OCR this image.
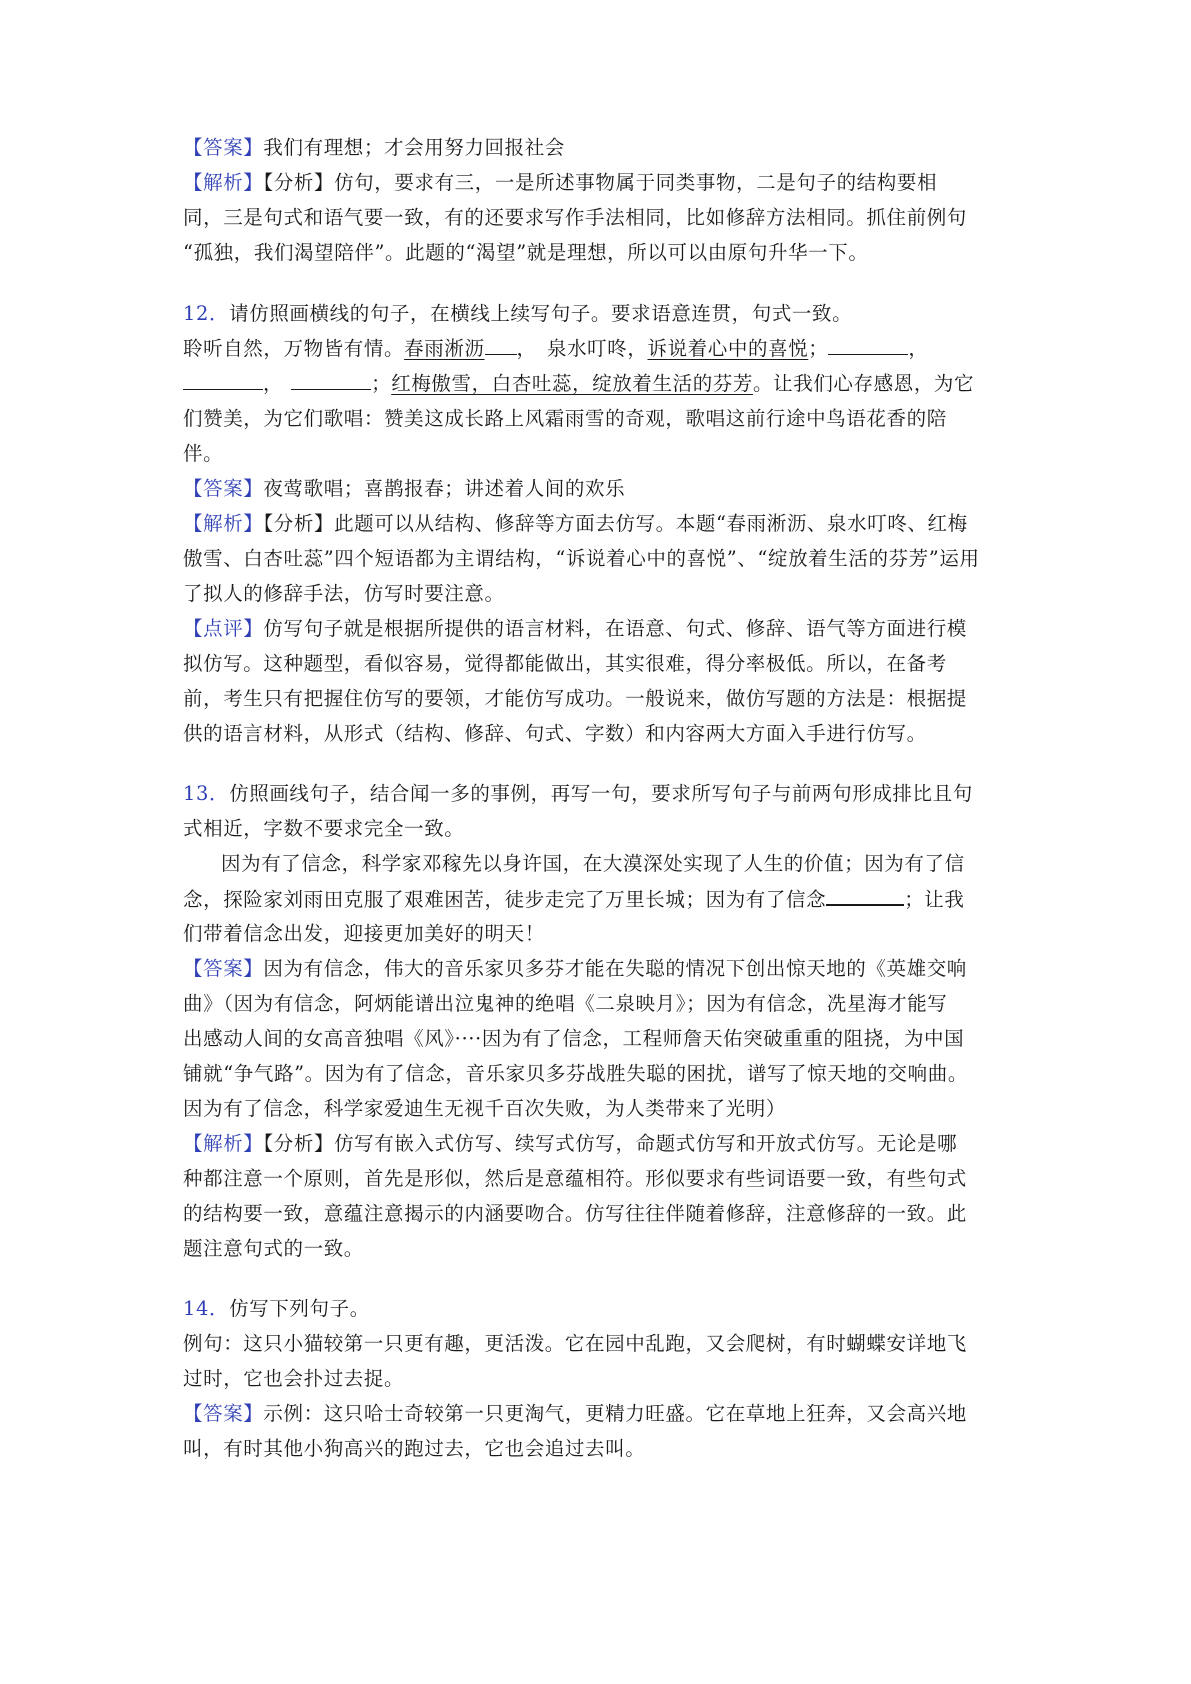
【答案】我们有理想；才会用努力回报社会
【解析】【分析】仿句，要求有三，一是所述事物属于同类事物，二是句子的结构要相
同，三是句式和语气要一致，有的还要求写作手法相同，比如修辞方法相同。抓住前例句
“孤独，我们渴望陪伴”。此题的“渴望”就是理想，所以可以由原句升华一下。
12．请仿照画横线的句子，在横线上续写句子。要求语意连贯，句式一致。
聆听自然，万物皆有情。春雨淅沥 ，　泉水叮咚，诉说着心中的喜悦；	，
，	；红梅傲雪，白杏吐蕊，绽放着生活的芬芳。让我们心存感恩，为它
们赞美，为它们歌唱：赞美这成长路上风霜雨雪的奇观，歌唱这前行途中鸟语花香的陪
伴。
【答案】夜莺歌唱；喜鹊报春；讲述着人间的欢乐
【解析】【分析】此题可以从结构、修辞等方面去仿写。本题“春雨淅沥、泉水叮咚、红梅
傲雪、白杏吐蕊”四个短语都为主谓结构，“诉说着心中的喜悦”、“绽放着生活的芬芳”运用
了拟人的修辞手法，仿写时要注意。
【点评】仿写句子就是根据所提供的语言材料，在语意、句式、修辞、语气等方面进行模
拟仿写。这种题型，看似容易，觉得都能做出，其实很难，得分率极低。所以，在备考
前，考生只有把握住仿写的要领，才能仿写成功。一般说来，做仿写题的方法是：根据提
供的语言材料，从形式（结构、修辞、句式、字数）和内容两大方面入手进行仿写。
13．仿照画线句子，结合闻一多的事例，再写一句，要求所写句子与前两句形成排比且句
式相近，字数不要求完全一致。
因为有了信念，科学家邓稼先以身许国，在大漠深处实现了人生的价值；因为有了信
念，探险家刘雨田克服了艰难困苦，徒步走完了万里长城；因为有了信念	；让我
们带着信念出发，迎接更加美好的明天！
【答案】因为有信念，伟大的音乐家贝多芬才能在失聪的情况下创出惊天地的《英雄交响
曲》（因为有信念，阿炳能谱出泣鬼神的绝唱《二泉映月》；因为有信念，冼星海才能写
出感动人间的女高音独唱《风》····因为有了信念，工程师詹天佑突破重重的阻挠，为中国
铺就“争气路”。因为有了信念，音乐家贝多芬战胜失聪的困扰，谱写了惊天地的交响曲。
因为有了信念，科学家爱迪生无视千百次失败，为人类带来了光明）
【解析】【分析】仿写有嵌入式仿写、续写式仿写，命题式仿写和开放式仿写。无论是哪
种都注意一个原则，首先是形似，然后是意蕴相符。形似要求有些词语要一致，有些句式
的结构要一致，意蕴注意揭示的内涵要吻合。仿写往往伴随着修辞，注意修辞的一致。此
题注意句式的一致。
14．仿写下列句子。
例句：这只小猫较第一只更有趣，更活泼。它在园中乱跑，又会爬树，有时蝴蝶安详地飞
过时，它也会扑过去捉。
【答案】示例：这只哈士奇较第一只更淘气，更精力旺盛。它在草地上狂奔，又会高兴地
叫，有时其他小狗高兴的跑过去，它也会追过去叫。
